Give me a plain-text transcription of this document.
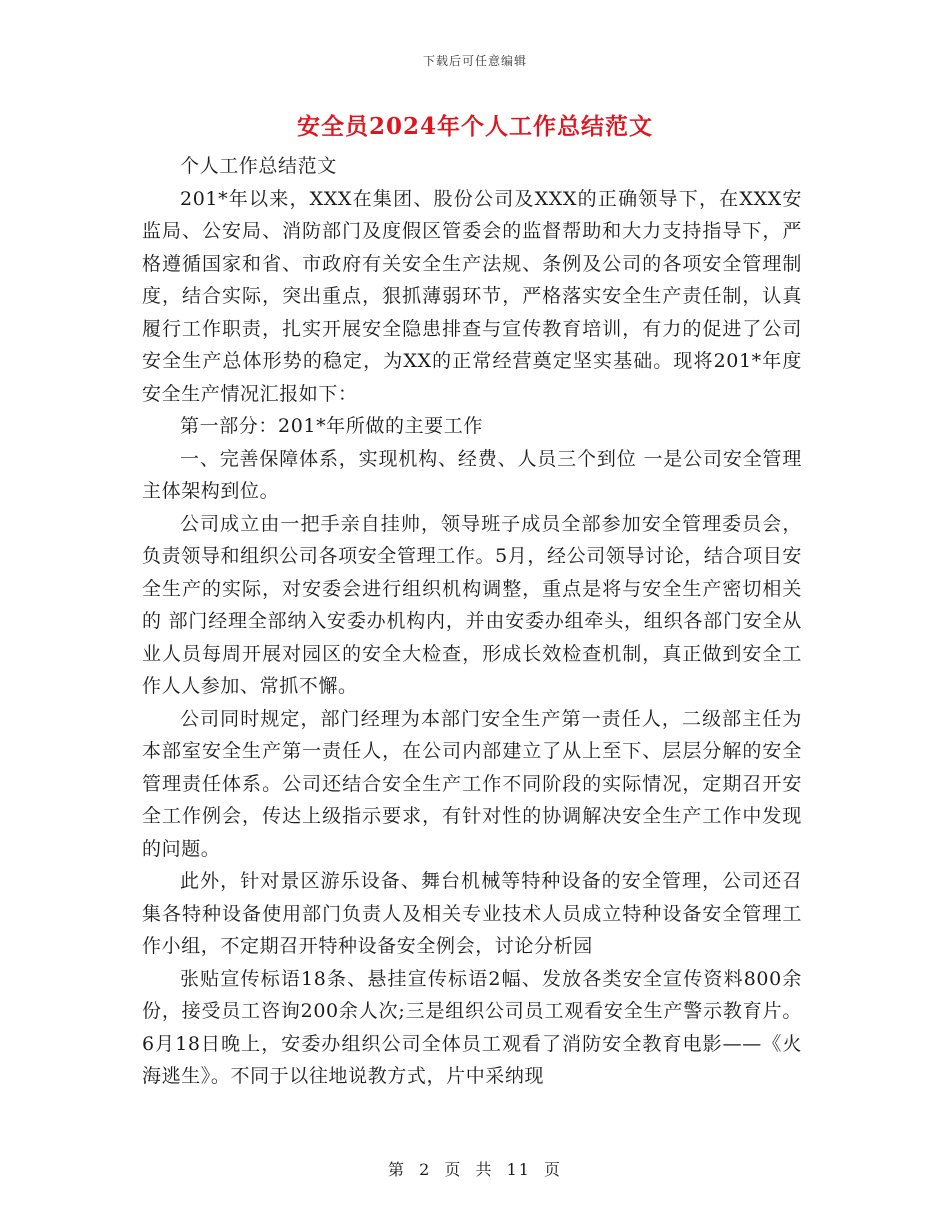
下载后可任意编辑
安全员2024年个人工作总结范文

个人工作总结范文

201*年以来，XXX在集团、股份公司及XXX的正确领导下，在XXX安监局、公安局、消防部门及度假区管委会的监督帮助和大力支持指导下，严格遵循国家和省、市政府有关安全生产法规、条例及公司的各项安全管理制度，结合实际，突出重点，狠抓薄弱环节，严格落实安全生产责任制，认真履行工作职责，扎实开展安全隐患排查与宣传教育培训，有力的促进了公司安全生产总体形势的稳定，为XX的正常经营奠定坚实基础。现将201*年度安全生产情况汇报如下：

第一部分：201*年所做的主要工作

一、完善保障体系，实现机构、经费、人员三个到位 一是公司安全管理主体架构到位。

公司成立由一把手亲自挂帅，领导班子成员全部参加安全管理委员会，负责领导和组织公司各项安全管理工作。5月，经公司领导讨论，结合项目安全生产的实际，对安委会进行组织机构调整，重点是将与安全生产密切相关的 部门经理全部纳入安委办机构内，并由安委办组牵头，组织各部门安全从业人员每周开展对园区的安全大检查，形成长效检查机制，真正做到安全工作人人参加、常抓不懈。

公司同时规定，部门经理为本部门安全生产第一责任人，二级部主任为本部室安全生产第一责任人，在公司内部建立了从上至下、层层分解的安全管理责任体系。公司还结合安全生产工作不同阶段的实际情况，定期召开安全工作例会，传达上级指示要求，有针对性的协调解决安全生产工作中发现的问题。

此外，针对景区游乐设备、舞台机械等特种设备的安全管理，公司还召集各特种设备使用部门负责人及相关专业技术人员成立特种设备安全管理工作小组，不定期召开特种设备安全例会，讨论分析园

张贴宣传标语18条、悬挂宣传标语2幅、发放各类安全宣传资料800余份，接受员工咨询200余人次;三是组织公司员工观看安全生产警示教育片。 6月18日晚上，安委办组织公司全体员工观看了消防安全教育电影——《火海逃生》。不同于以往地说教方式，片中采纳现

第 2 页 共 11 页
